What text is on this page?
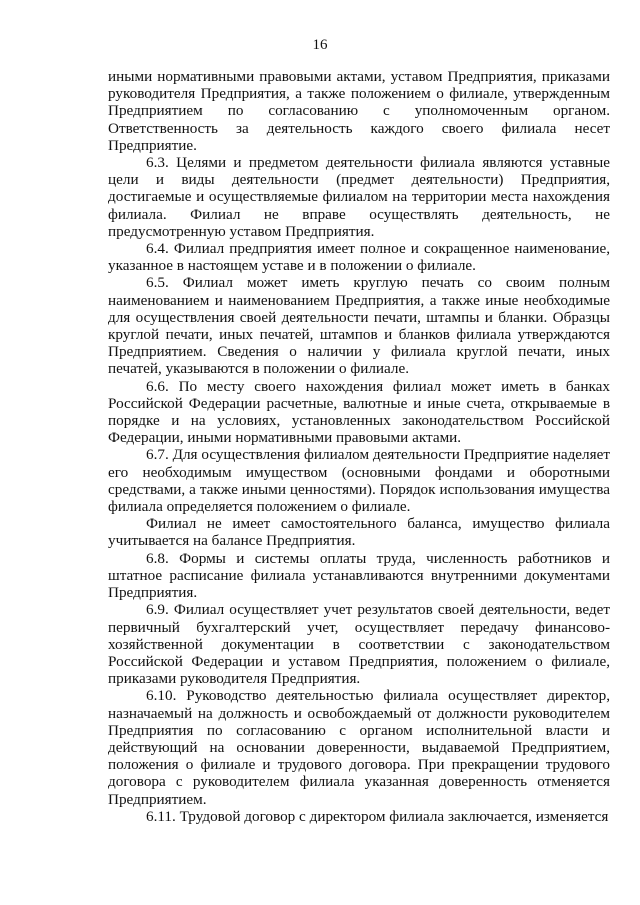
16

иными нормативными правовыми актами, уставом Предприятия, приказами руководителя Предприятия, а также положением о филиале, утвержденным Предприятием по согласованию с уполномоченным органом. Ответственность за деятельность каждого своего филиала несет Предприятие.

6.3. Целями и предметом деятельности филиала являются уставные цели и виды деятельности (предмет деятельности) Предприятия, достигаемые и осуществляемые филиалом на территории места нахождения филиала. Филиал не вправе осуществлять деятельность, не предусмотренную уставом Предприятия.

6.4. Филиал предприятия имеет полное и сокращенное наименование, указанное в настоящем уставе и в положении о филиале.

6.5. Филиал может иметь круглую печать со своим полным наименованием и наименованием Предприятия, а также иные необходимые для осуществления своей деятельности печати, штампы и бланки. Образцы круглой печати, иных печатей, штампов и бланков филиала утверждаются Предприятием. Сведения о наличии у филиала круглой печати, иных печатей, указываются в положении о филиале.

6.6. По месту своего нахождения филиал может иметь в банках Российской Федерации расчетные, валютные и иные счета, открываемые в порядке и на условиях, установленных законодательством Российской Федерации, иными нормативными правовыми актами.

6.7. Для осуществления филиалом деятельности Предприятие наделяет его необходимым имуществом (основными фондами и оборотными средствами, а также иными ценностями). Порядок использования имущества филиала определяется положением о филиале.

Филиал не имеет самостоятельного баланса, имущество филиала учитывается на балансе Предприятия.

6.8. Формы и системы оплаты труда, численность работников и штатное расписание филиала устанавливаются внутренними документами Предприятия.

6.9. Филиал осуществляет учет результатов своей деятельности, ведет первичный бухгалтерский учет, осуществляет передачу финансово-хозяйственной документации в соответствии с законодательством Российской Федерации и уставом Предприятия, положением о филиале, приказами руководителя Предприятия.

6.10. Руководство деятельностью филиала осуществляет директор, назначаемый на должность и освобождаемый от должности руководителем Предприятия по согласованию с органом исполнительной власти и действующий на основании доверенности, выдаваемой Предприятием, положения о филиале и трудового договора. При прекращении трудового договора с руководителем филиала указанная доверенность отменяется Предприятием.

6.11. Трудовой договор с директором филиала заключается, изменяется
